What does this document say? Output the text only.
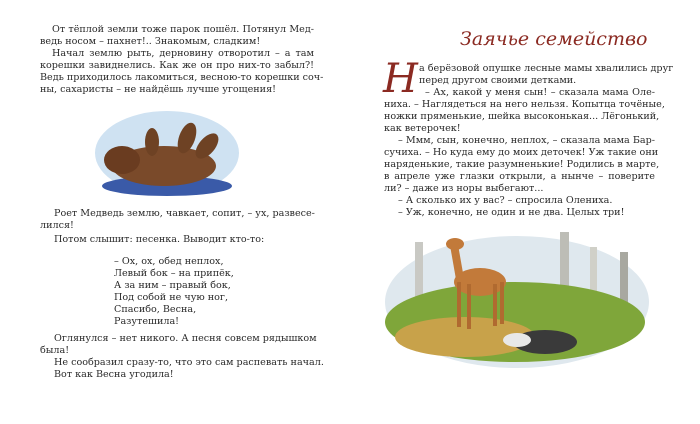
От тёплой земли тоже парок пошёл. Потянул Мед-
ведь носом – пахнет!.. Знакомым, сладким!
Начал землю рыть, дерновину отворотил – а там
корешки завиднелись. Как же он про них-то забыл?!
Ведь приходилось лакомиться, весною-то корешки соч-
ны, сахаристы – не найдёшь лучше угощения!
Роет Медведь землю, чавкает, сопит, – ух, развесе-
лился!
Потом слышит: песенка. Выводит кто-то:
– Ох, ох, обед неплох,
Левый бок – на припёк,
А за ним – правый бок,
Под собой не чую ног,
Спасибо, Весна,
Разутешила!
Оглянулся – нет никого. А песня совсем рядышком
была!
Не сообразил сразу-то, что это сам распевать начал.
Вот как Весна угодила!
Заячье семейство
Н а берёзовой опушке лесные мамы хвалились друг
перед другом своими детками.
– Ах, какой у меня сын! – сказала мама Оле-
ниха. – Наглядеться на него нельзя. Копытца точёные,
ножки пряменькие, шейка высоконькая... Лёгонький,
как ветерочек!
– Ммм, сын, конечно, неплох, – сказала мама Бар-
сучиха. – Но куда ему до моих деточек! Уж такие они
наряденькие, такие разумненькие! Родились в марте,
в апреле уже глазки открыли, а нынче – поверите
ли? – даже из норы выбегают...
– А сколько их у вас? – спросила Олениха.
– Уж, конечно, не один и не два. Целых три!
